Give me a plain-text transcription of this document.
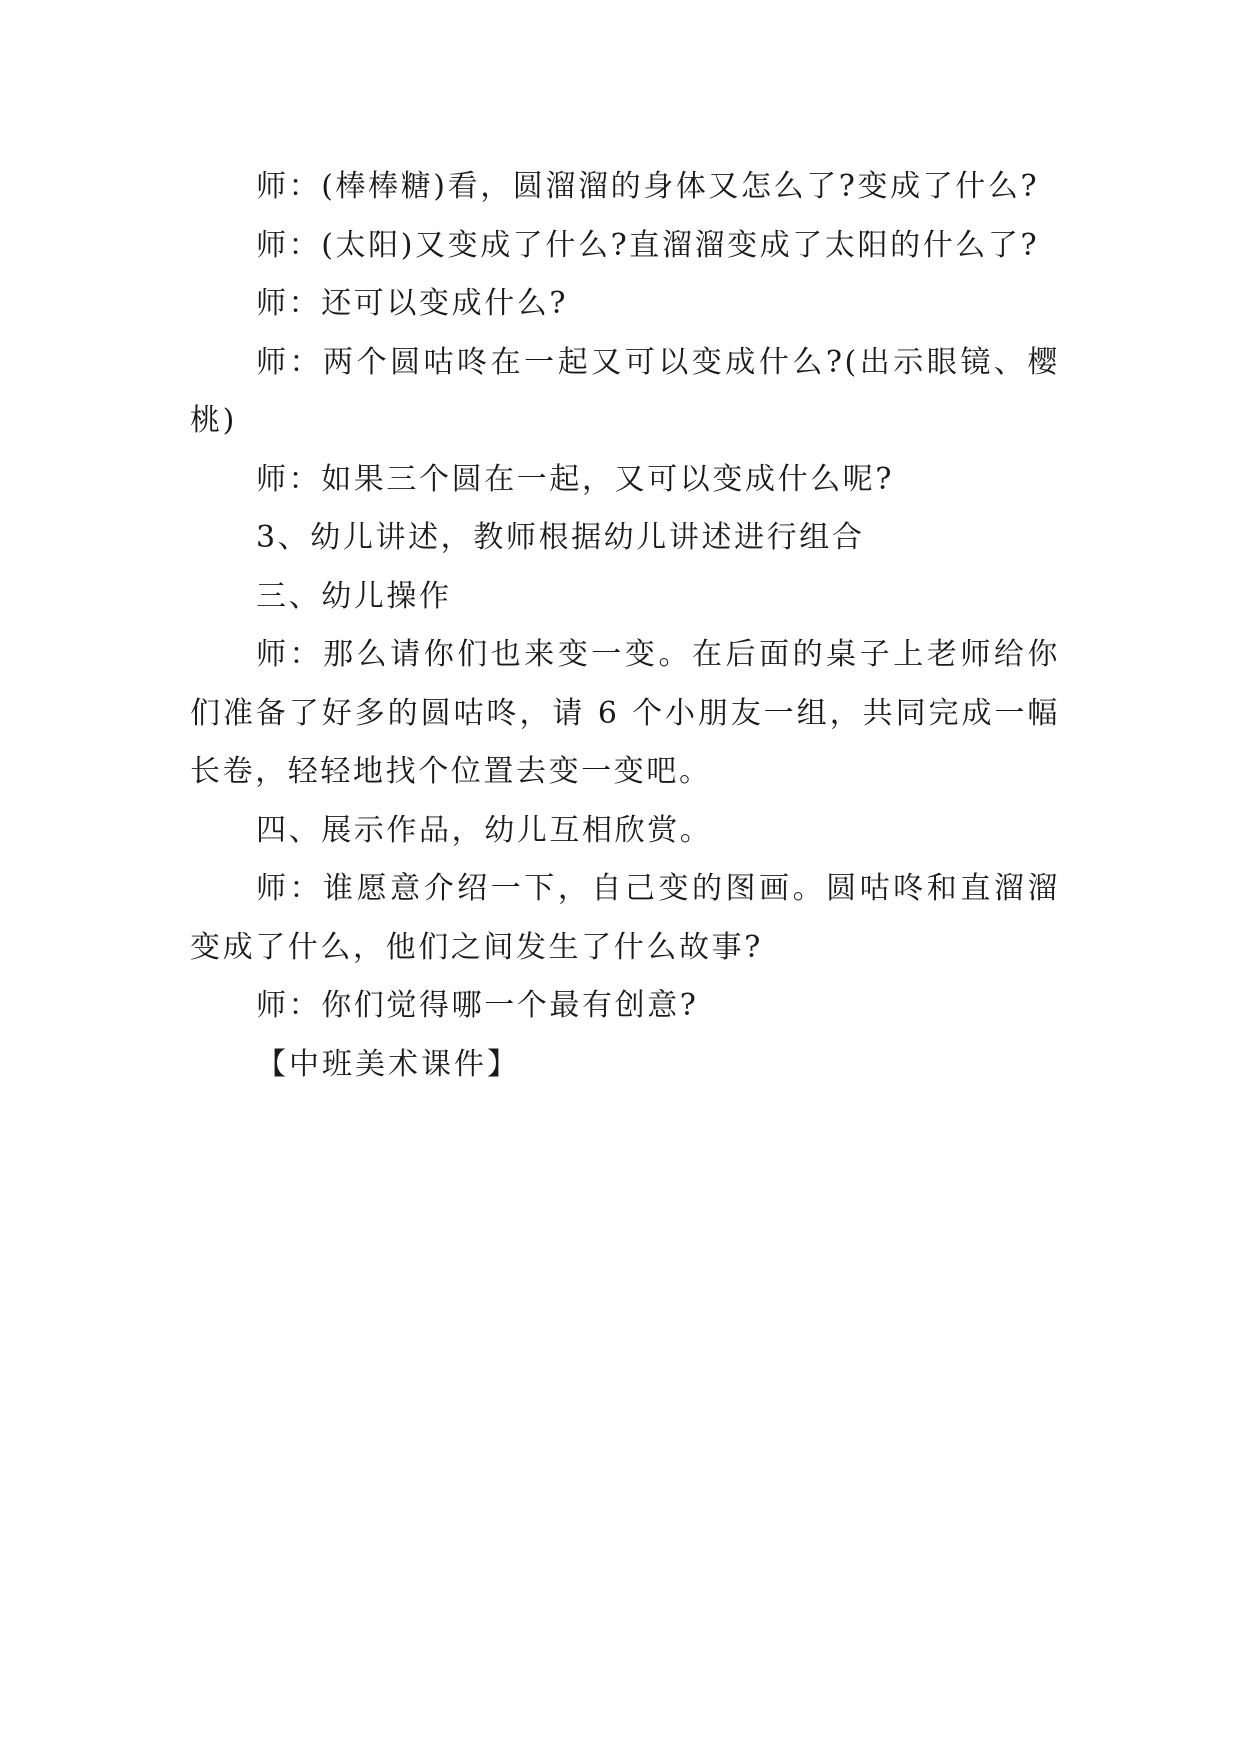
师：(棒棒糖)看，圆溜溜的身体又怎么了?变成了什么?

师：(太阳)又变成了什么?直溜溜变成了太阳的什么了?

师：还可以变成什么?

师：两个圆咕咚在一起又可以变成什么?(出示眼镜、樱桃)

师：如果三个圆在一起，又可以变成什么呢?

3、幼儿讲述，教师根据幼儿讲述进行组合

三、幼儿操作

师：那么请你们也来变一变。在后面的桌子上老师给你们准备了好多的圆咕咚，请 6 个小朋友一组，共同完成一幅长卷，轻轻地找个位置去变一变吧。

四、展示作品，幼儿互相欣赏。

师：谁愿意介绍一下，自己变的图画。圆咕咚和直溜溜变成了什么，他们之间发生了什么故事?

师：你们觉得哪一个最有创意?

【中班美术课件】
